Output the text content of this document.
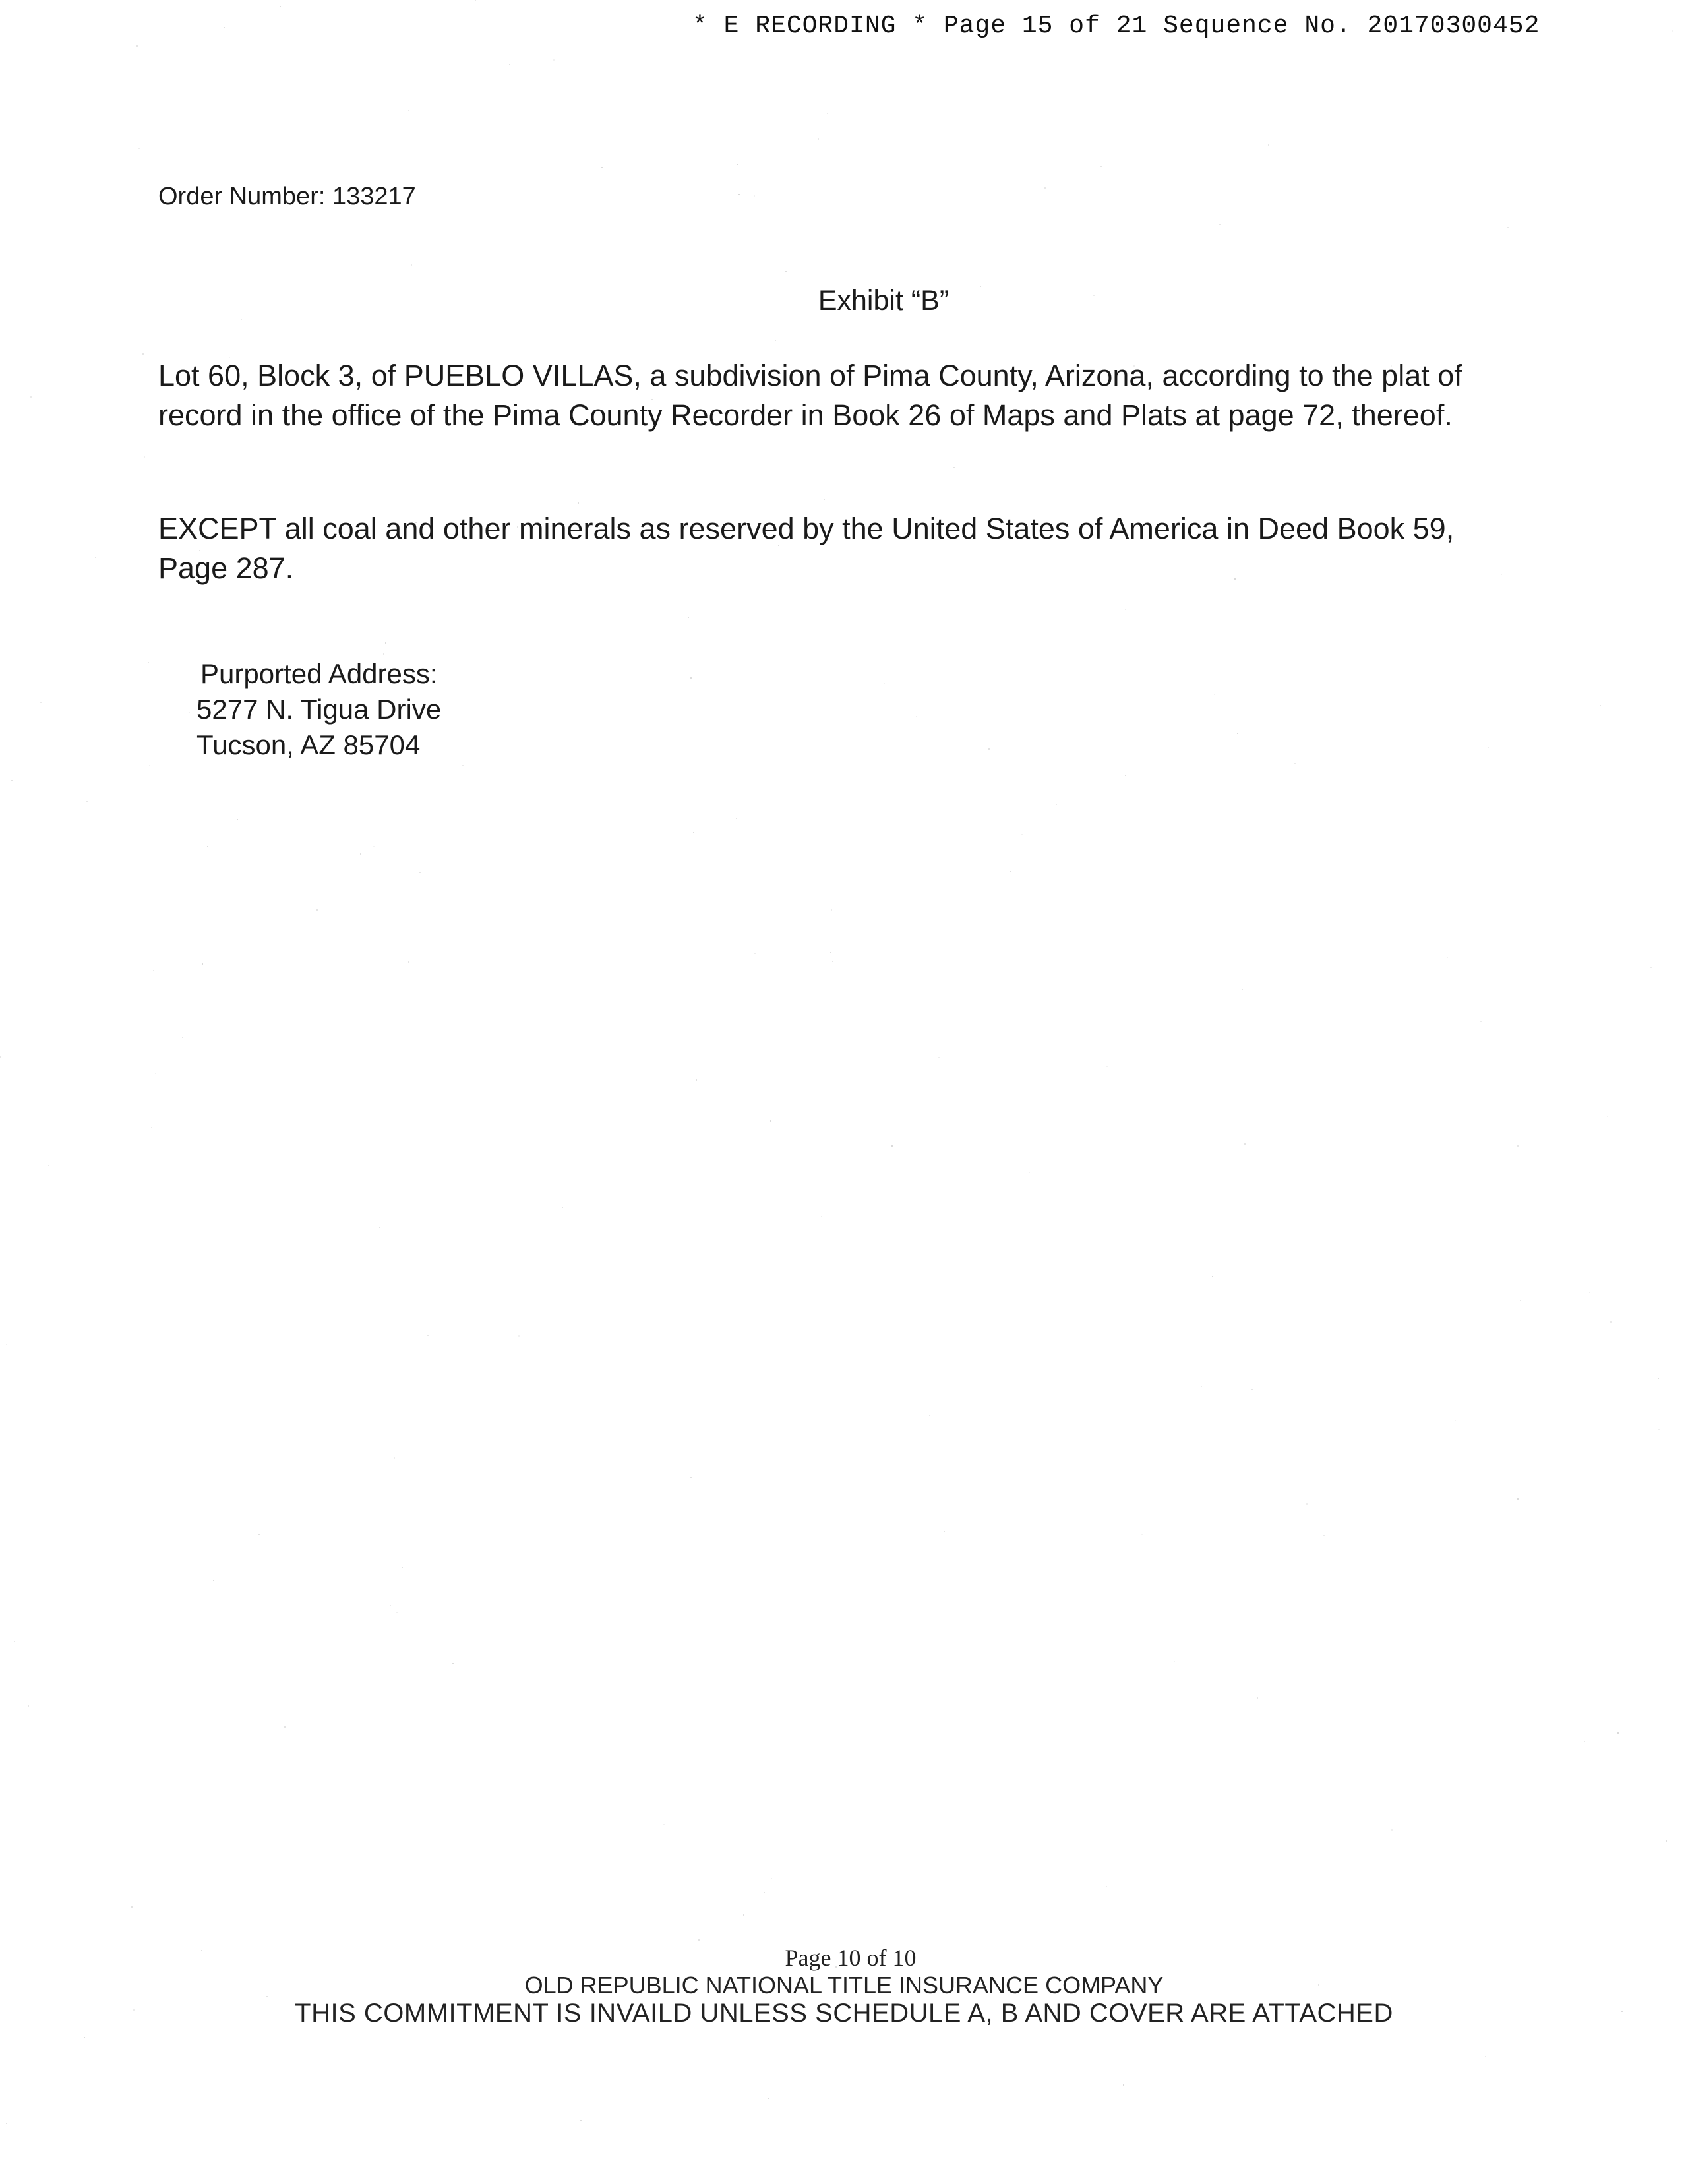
* E RECORDING * Page 15 of 21 Sequence No. 20170300452
Order Number: 133217
Exhibit “B”
Lot 60, Block 3, of PUEBLO VILLAS, a subdivision of Pima County, Arizona, according to the plat of record in the office of the Pima County Recorder in Book 26 of Maps and Plats at page 72, thereof.
EXCEPT all coal and other minerals as reserved by the United States of America in Deed Book 59, Page 287.
Purported Address:
5277 N. Tigua Drive
Tucson, AZ 85704
Page 10 of 10
OLD REPUBLIC NATIONAL TITLE INSURANCE COMPANY
THIS COMMITMENT IS INVAILD UNLESS SCHEDULE A, B AND COVER ARE ATTACHED
